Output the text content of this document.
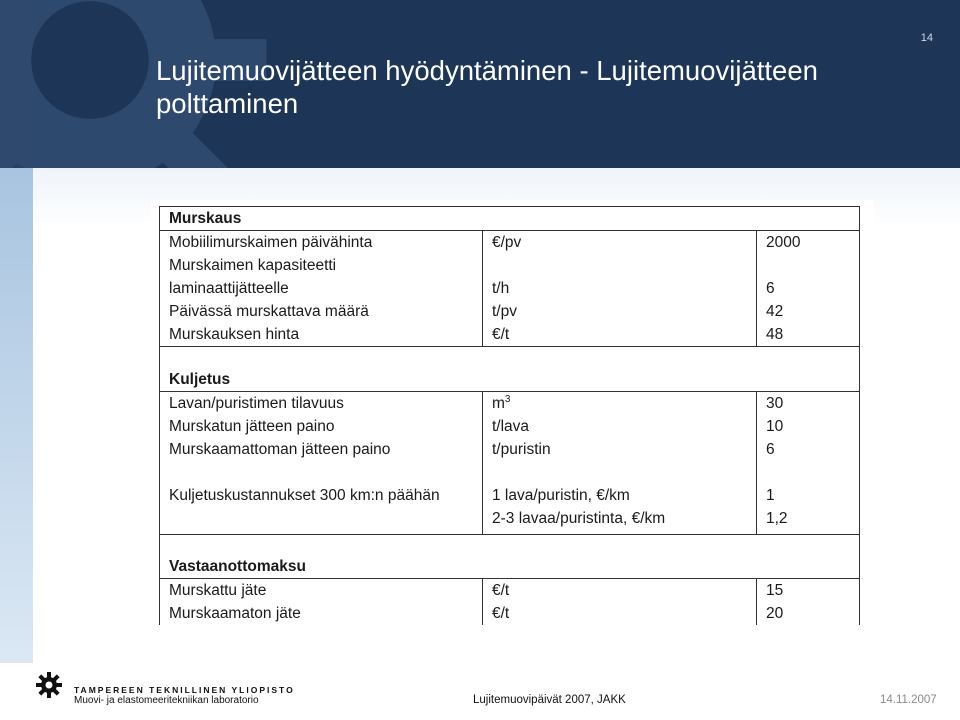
Lujitemuovijätteen hyödyntäminen - Lujitemuovijätteen
polttaminen
14
Murskaus		
Mobiilimurskaimen päivähinta	€/pv	2000
Murskaimen kapasiteetti		
laminaattijätteelle	t/h	6
Päivässä murskattava määrä	t/pv	42
Murskauksen hinta	€/t	48
Kuljetus		
Lavan/puristimen tilavuus	$m^3$	30
Murskatun jätteen paino	t/lava	10
Murskaamattoman jätteen paino	t/puristin	6

Kuljetuskustannukset 300 km:n päähän	1 lava/puristin, €/km	1
	2-3 lavaa/puristinta, €/km	1,2

Vastaanottomaksu		
Murskattu jäte	€/t	15
Murskaamaton jäte	€/t	20
TAMPEREEN TEKNILLINEN YLIOPISTO
Muovi- ja elastomeeritekniikan laboratorio	Lujitemuovipäivät 2007, JAKK	14.11.2007
